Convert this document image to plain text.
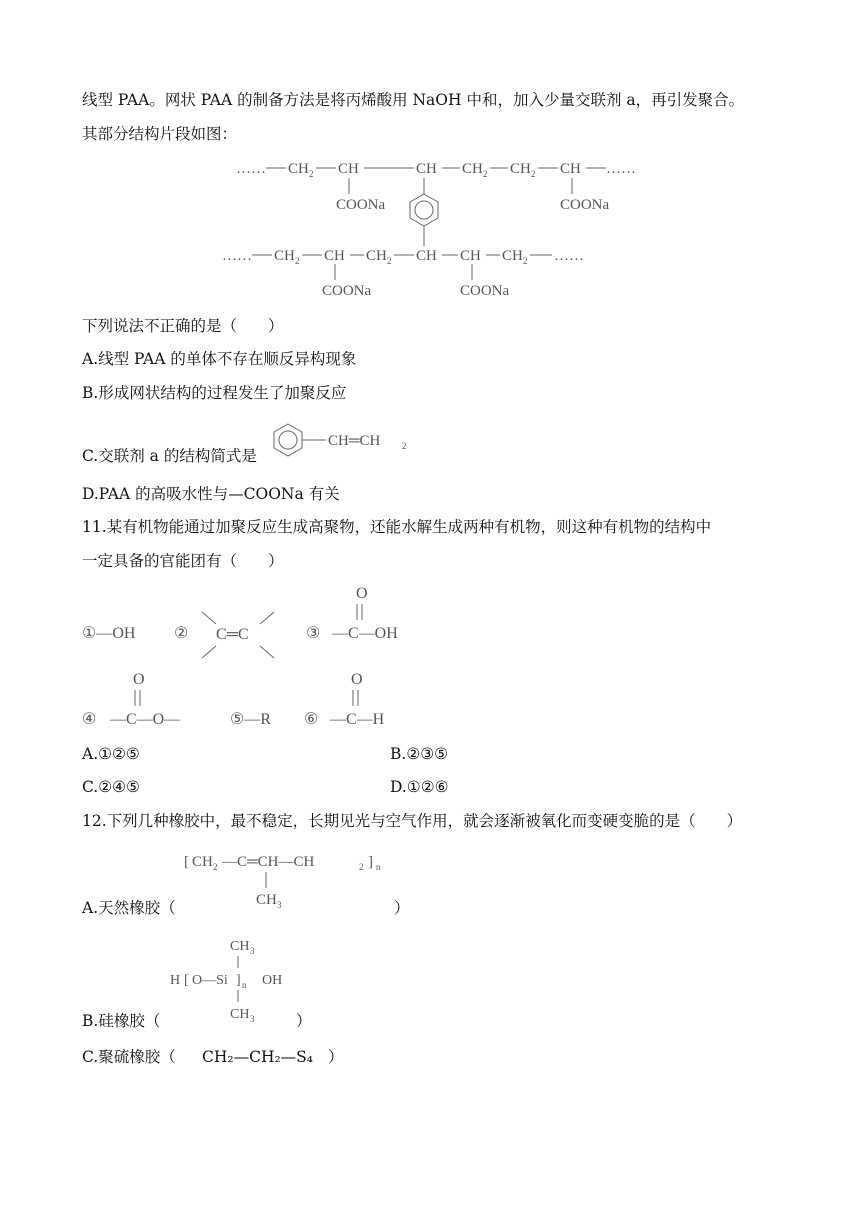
线型 PAA。网状 PAA 的制备方法是将丙烯酸用 NaOH 中和，加入少量交联剂 a，再引发聚合。
其部分结构片段如图：
…… CH 2 CH	CH CH 2 CH 2 CH ……
COONa	COONa
…… CH 2 CH CH 2 CH CH CH 2 ……
COONa	COONa
下列说法不正确的是（　　）
A.线型 PAA 的单体不存在顺反异构现象
B.形成网状结构的过程发生了加聚反应
C.交联剂 a 的结构简式是
CH═CH 2
D.PAA 的高吸水性与—COONa 有关
11.某有机物能通过加聚反应生成高聚物，还能水解生成两种有机物，则这种有机物的结构中
一定具备的官能团有（　　）
①—OH ② C═C	③
O
—C—OH
④
O
—C—O—	⑤—R ⑥
O
—C—H
A.①②⑤	B.②③⑤
C.②④⑤	D.①②⑥
12.下列几种橡胶中，最不稳定，长期见光与空气作用，就会逐渐被氧化而变硬变脆的是（　　）
[ CH 2 —C═CH—CH	2 ] n
CH 3
A.天然橡胶（	）
CH 3
H [ O—Si ] n OH
CH 3
B.硅橡胶（	）
C.聚硫橡胶（ CH₂—CH₂—S₄ ）
